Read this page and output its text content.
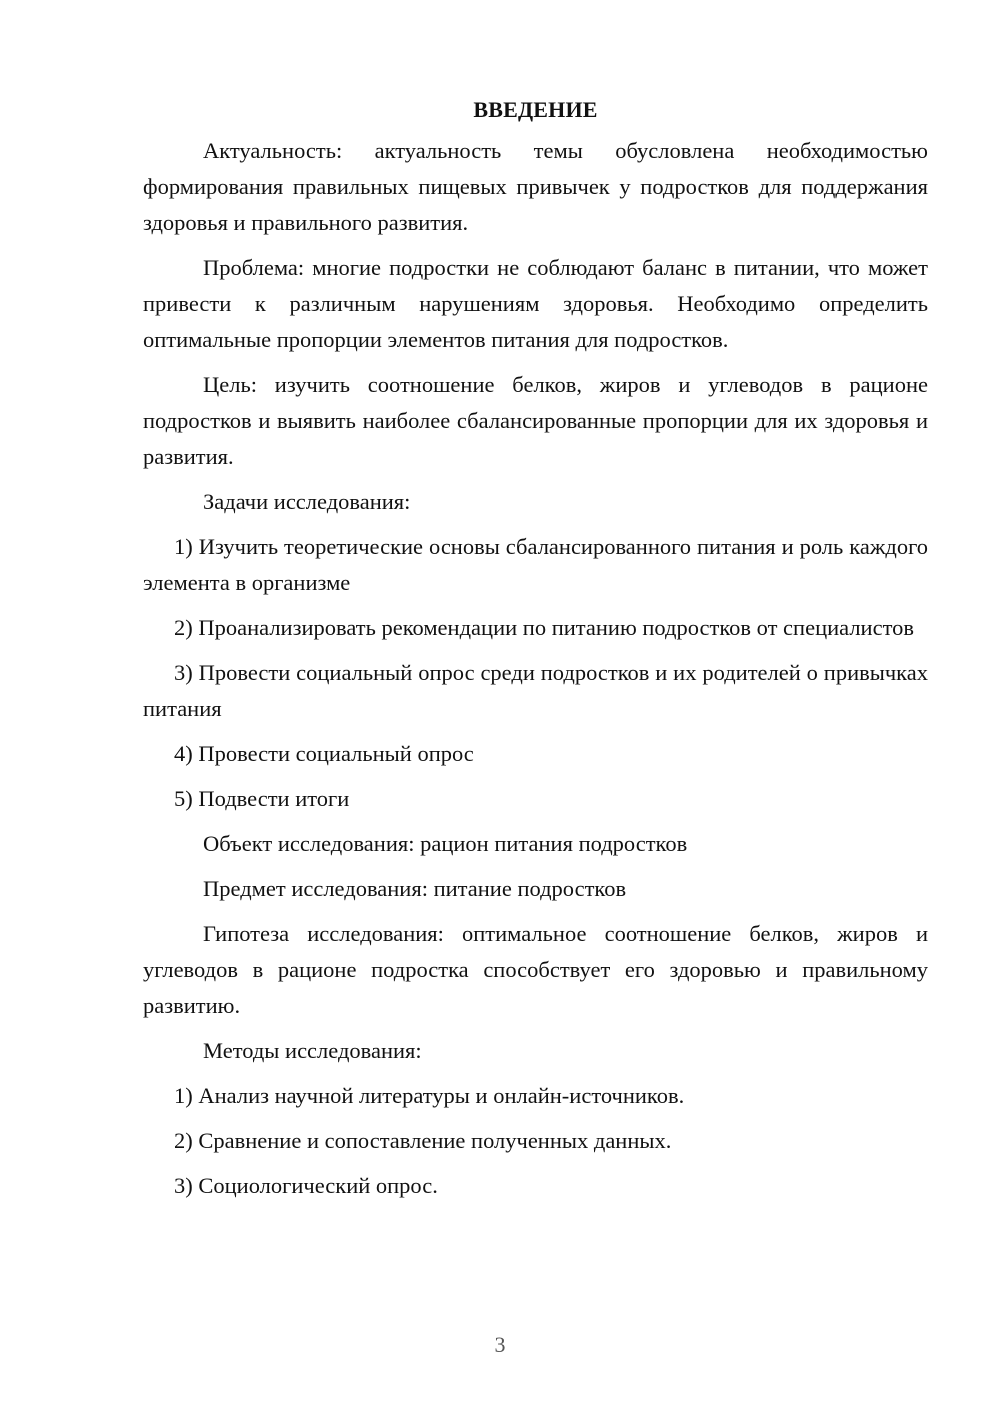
ВВЕДЕНИЕ

Актуальность: актуальность темы обусловлена необходимостью формирования правильных пищевых привычек у подростков для поддержания здоровья и правильного развития.

Проблема: многие подростки не соблюдают баланс в питании, что может привести к различным нарушениям здоровья. Необходимо определить оптимальные пропорции элементов питания для подростков.

Цель: изучить соотношение белков, жиров и углеводов в рационе подростков и выявить наиболее сбалансированные пропорции для их здоровья и развития.

Задачи исследования:

1) Изучить теоретические основы сбалансированного питания и роль каждого элемента в организме

2) Проанализировать рекомендации по питанию подростков от специалистов

3) Провести социальный опрос среди подростков и их родителей о привычках питания

4) Провести социальный опрос

5) Подвести итоги

Объект исследования: рацион питания подростков

Предмет исследования: питание подростков

Гипотеза исследования: оптимальное соотношение белков, жиров и углеводов в рационе подростка способствует его здоровью и правильному развитию.

Методы исследования:

1) Анализ научной литературы и онлайн-источников.

2) Сравнение и сопоставление полученных данных.

3) Социологический опрос.

3
